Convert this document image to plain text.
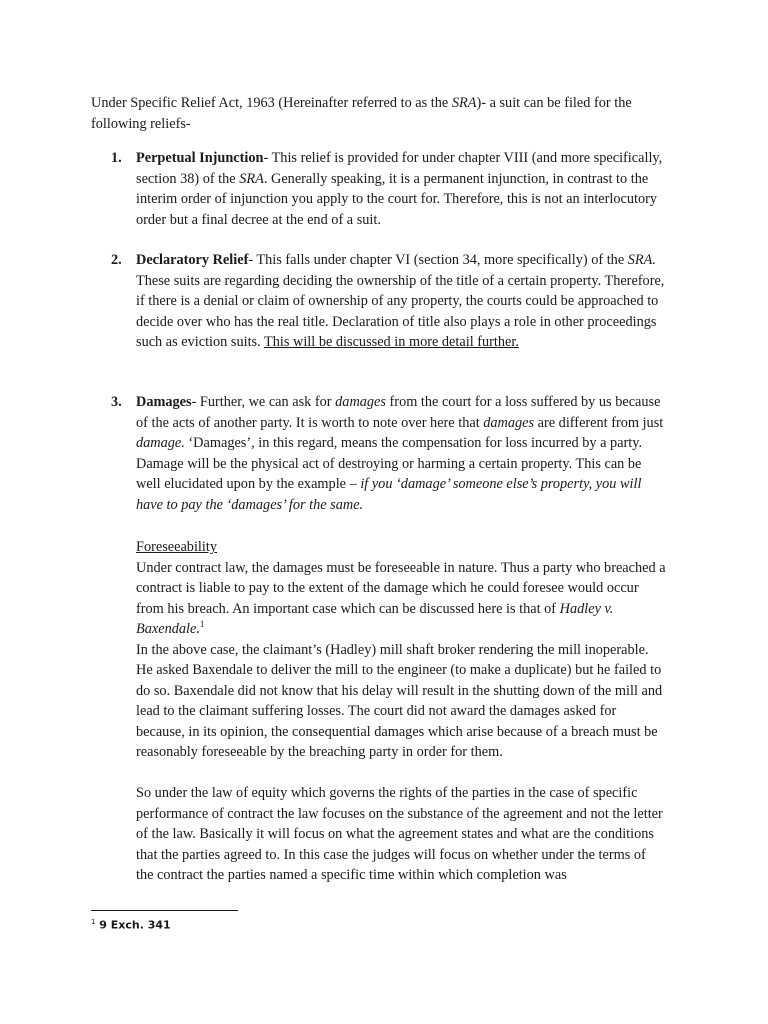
Under Specific Relief Act, 1963 (Hereinafter referred to as the SRA)- a suit can be filed for the following reliefs-
1. Perpetual Injunction- This relief is provided for under chapter VIII (and more specifically, section 38) of the SRA. Generally speaking, it is a permanent injunction, in contrast to the interim order of injunction you apply to the court for. Therefore, this is not an interlocutory order but a final decree at the end of a suit.
2. Declaratory Relief- This falls under chapter VI (section 34, more specifically) of the SRA. These suits are regarding deciding the ownership of the title of a certain property. Therefore, if there is a denial or claim of ownership of any property, the courts could be approached to decide over who has the real title. Declaration of title also plays a role in other proceedings such as eviction suits. This will be discussed in more detail further.
3. Damages- Further, we can ask for damages from the court for a loss suffered by us because of the acts of another party. It is worth to note over here that damages are different from just damage. ‘Damages’, in this regard, means the compensation for loss incurred by a party. Damage will be the physical act of destroying or harming a certain property. This can be well elucidated upon by the example – if you ‘damage’ someone else’s property, you will have to pay the ‘damages’ for the same.
Foreseeability
Under contract law, the damages must be foreseeable in nature. Thus a party who breached a contract is liable to pay to the extent of the damage which he could foresee would occur from his breach. An important case which can be discussed here is that of Hadley v. Baxendale.$^1$
In the above case, the claimant’s (Hadley) mill shaft broker rendering the mill inoperable. He asked Baxendale to deliver the mill to the engineer (to make a duplicate) but he failed to do so. Baxendale did not know that his delay will result in the shutting down of the mill and lead to the claimant suffering losses. The court did not award the damages asked for because, in its opinion, the consequential damages which arise because of a breach must be reasonably foreseeable by the breaching party in order for them.
So under the law of equity which governs the rights of the parties in the case of specific performance of contract the law focuses on the substance of the agreement and not the letter of the law. Basically it will focus on what the agreement states and what are the conditions that the parties agreed to. In this case the judges will focus on whether under the terms of the contract the parties named a specific time within which completion was
$^1$ 9 Exch. 341
